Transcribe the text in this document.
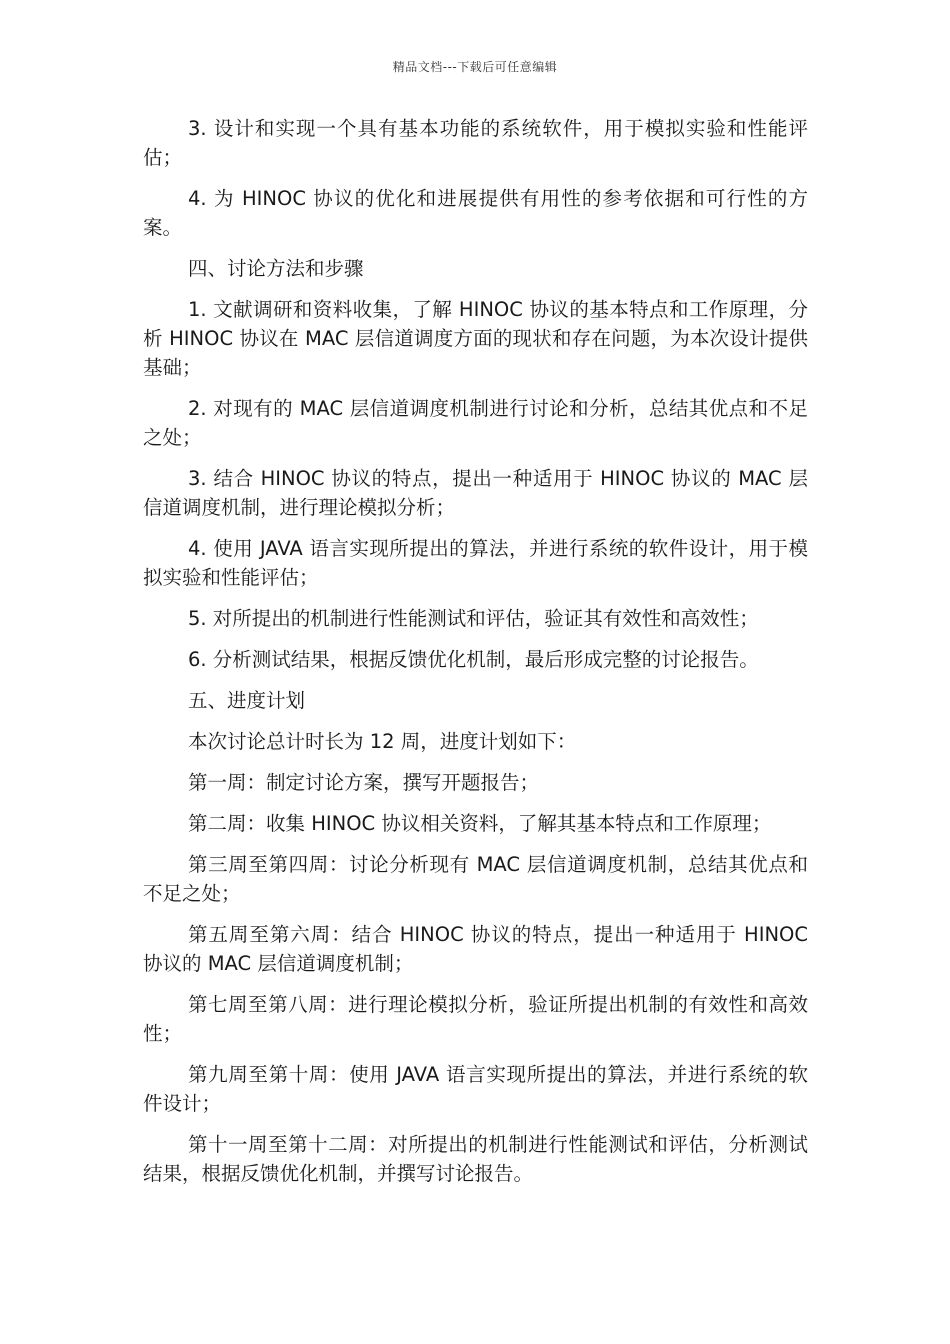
精品文档---下载后可任意编辑

3. 设计和实现一个具有基本功能的系统软件，用于模拟实验和性能评估；

4. 为 HINOC 协议的优化和进展提供有用性的参考依据和可行性的方案。

四、讨论方法和步骤

1. 文献调研和资料收集，了解 HINOC 协议的基本特点和工作原理，分析 HINOC 协议在 MAC 层信道调度方面的现状和存在问题，为本次设计提供基础；

2. 对现有的 MAC 层信道调度机制进行讨论和分析，总结其优点和不足之处；

3. 结合 HINOC 协议的特点，提出一种适用于 HINOC 协议的 MAC 层信道调度机制，进行理论模拟分析；

4. 使用 JAVA 语言实现所提出的算法，并进行系统的软件设计，用于模拟实验和性能评估；

5. 对所提出的机制进行性能测试和评估，验证其有效性和高效性；

6. 分析测试结果，根据反馈优化机制，最后形成完整的讨论报告。

五、进度计划

本次讨论总计时长为 12 周，进度计划如下：

第一周：制定讨论方案，撰写开题报告；

第二周：收集 HINOC 协议相关资料，了解其基本特点和工作原理；

第三周至第四周：讨论分析现有 MAC 层信道调度机制，总结其优点和不足之处；

第五周至第六周：结合 HINOC 协议的特点，提出一种适用于 HINOC 协议的 MAC 层信道调度机制；

第七周至第八周：进行理论模拟分析，验证所提出机制的有效性和高效性；

第九周至第十周：使用 JAVA 语言实现所提出的算法，并进行系统的软件设计；

第十一周至第十二周：对所提出的机制进行性能测试和评估，分析测试结果，根据反馈优化机制，并撰写讨论报告。
